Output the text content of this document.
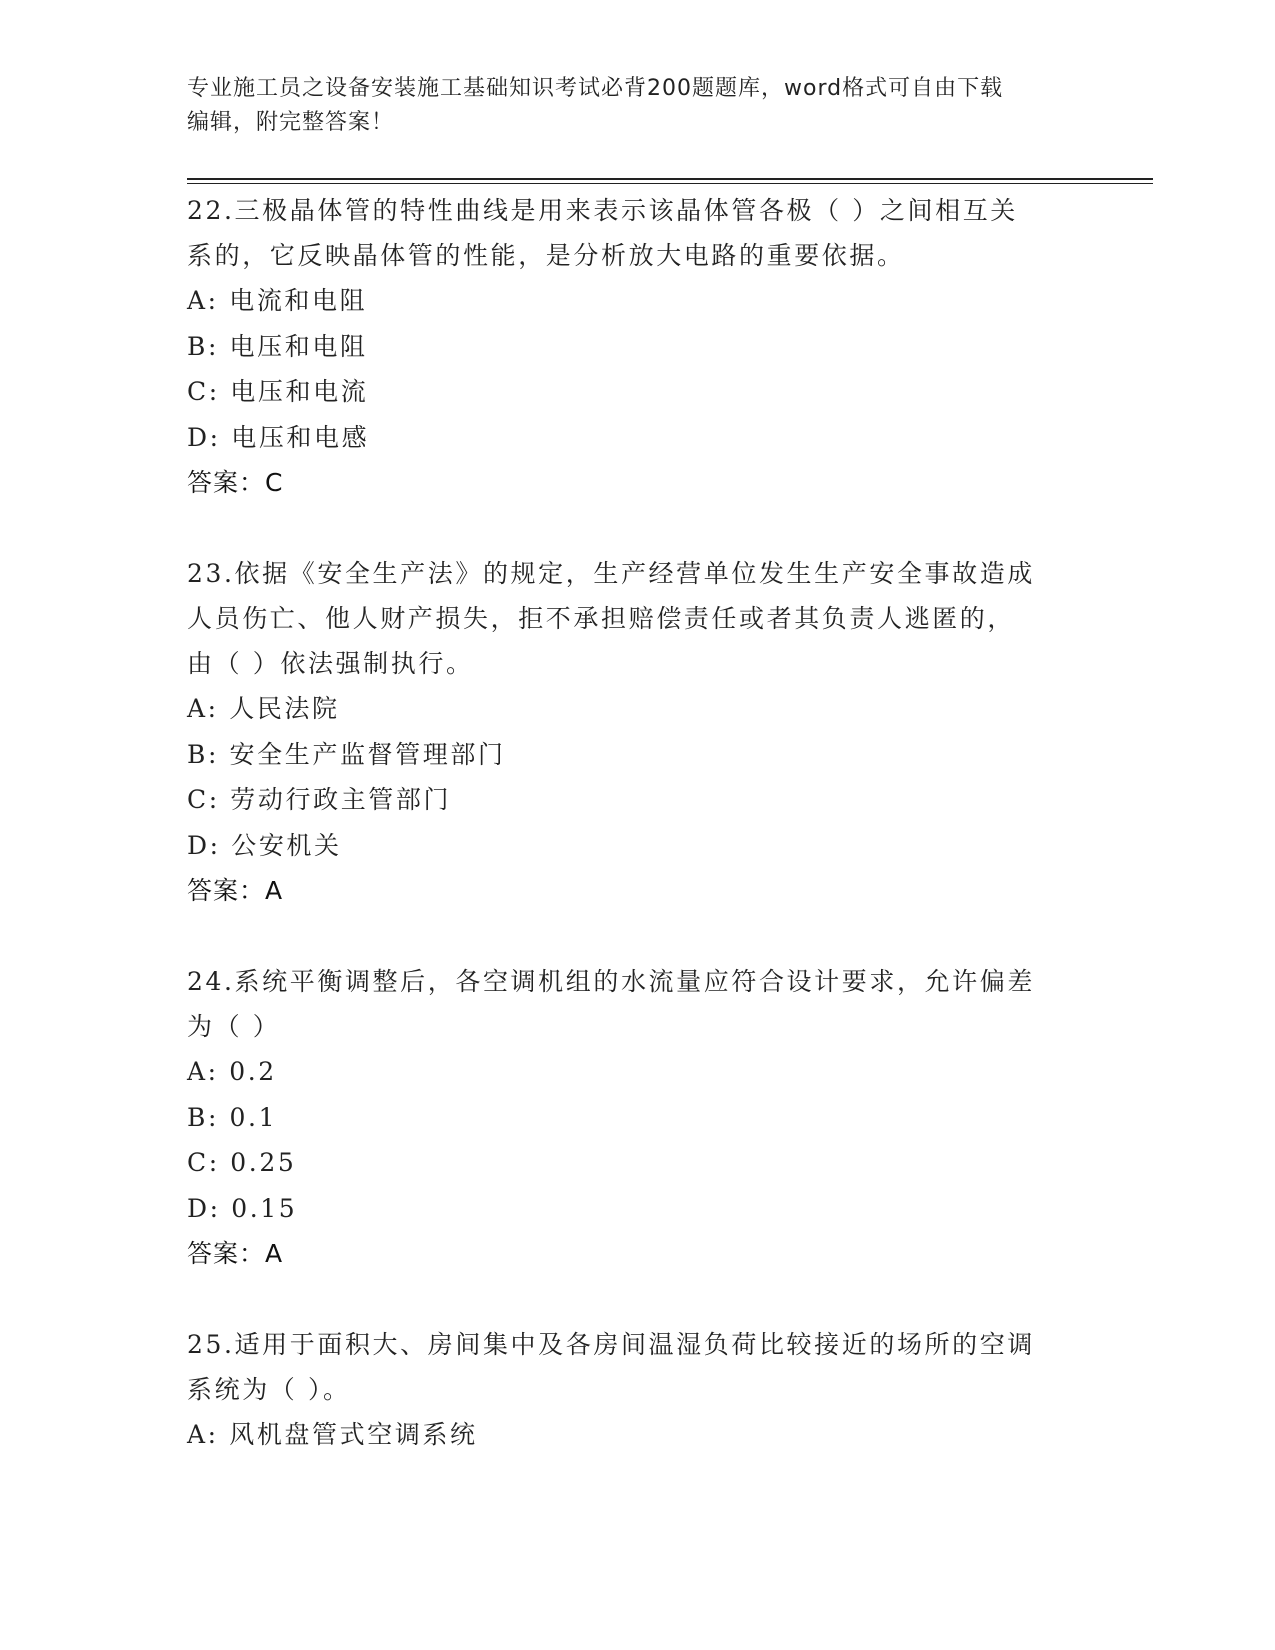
专业施工员之设备安装施工基础知识考试必背200题题库，word格式可自由下载
编辑，附完整答案！
22.三极晶体管的特性曲线是用来表示该晶体管各极（ ）之间相互关
系的，它反映晶体管的性能，是分析放大电路的重要依据。
A: 电流和电阻
B: 电压和电阻
C: 电压和电流
D: 电压和电感
答案：C
23.依据《安全生产法》的规定，生产经营单位发生生产安全事故造成
人员伤亡、他人财产损失，拒不承担赔偿责任或者其负责人逃匿的，
由（ ）依法强制执行。
A: 人民法院
B: 安全生产监督管理部门
C: 劳动行政主管部门
D: 公安机关
答案：A
24.系统平衡调整后，各空调机组的水流量应符合设计要求，允许偏差
为（ ）
A: 0.2
B: 0.1
C: 0.25
D: 0.15
答案：A
25.适用于面积大、房间集中及各房间温湿负荷比较接近的场所的空调
系统为（ ）。
A: 风机盘管式空调系统
